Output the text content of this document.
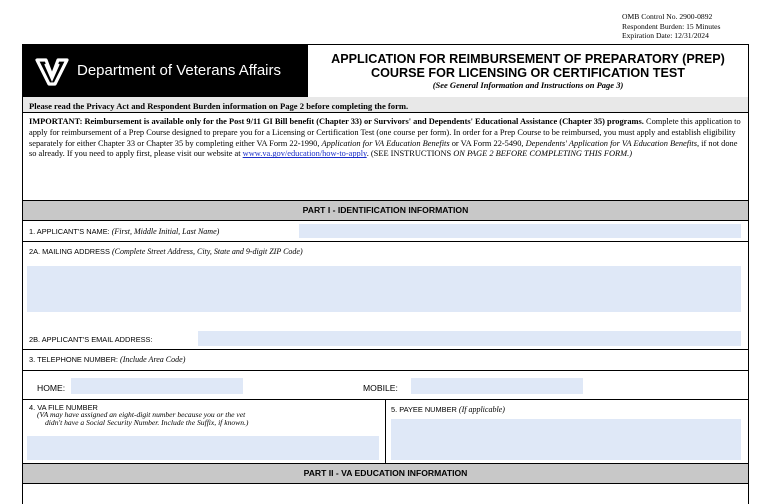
OMB Control No. 2900-0892
Respondent Burden: 15 Minutes
Expiration Date: 12/31/2024
Department of Veterans Affairs
APPLICATION FOR REIMBURSEMENT OF PREPARATORY (PREP)
COURSE FOR LICENSING OR CERTIFICATION TEST
(See General Information and Instructions on Page 3)
Please read the Privacy Act and Respondent Burden information on Page 2 before completing the form.
IMPORTANT: Reimbursement is available only for the Post 9/11 GI Bill benefit (Chapter 33) or Survivors' and Dependents' Educational Assistance (Chapter 35) programs. Complete this application to apply for reimbursement of a Prep Course designed to prepare you for a Licensing or Certification Test (one course per form). In order for a Prep Course to be reimbursed, you must apply and establish eligibility separately for either Chapter 33 or Chapter 35 by completing either VA Form 22-1990, Application for VA Education Benefits or VA Form 22-5490, Dependents' Application for VA Education Benefits, if not done so already. If you need to apply first, please visit our website at www.va.gov/education/how-to-apply. (SEE INSTRUCTIONS ON PAGE 2 BEFORE COMPLETING THIS FORM.)
PART I - IDENTIFICATION INFORMATION
1. APPLICANT'S NAME: (First, Middle Initial, Last Name)
2A. MAILING ADDRESS (Complete Street Address, City, State and 9-digit ZIP Code)
2B. APPLICANT'S EMAIL ADDRESS:
3. TELEPHONE NUMBER: (Include Area Code)
HOME:	MOBILE:
4. VA FILE NUMBER
(VA may have assigned an eight-digit number because you or the vet
didn't have a Social Security Number. Include the Suffix, if known.)
5. PAYEE NUMBER (If applicable)
PART II - VA EDUCATION INFORMATION
